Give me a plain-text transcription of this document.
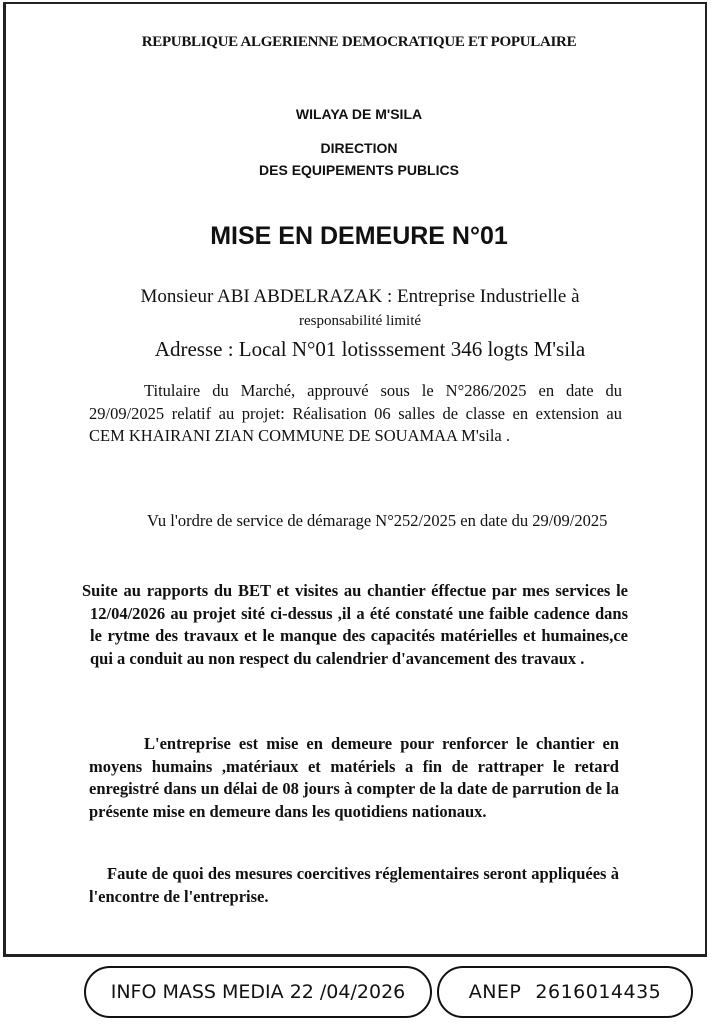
REPUBLIQUE ALGERIENNE DEMOCRATIQUE ET POPULAIRE
WILAYA DE M'SILA
DIRECTION
DES EQUIPEMENTS PUBLICS
MISE EN DEMEURE N°01
Monsieur ABI ABDELRAZAK : Entreprise Industrielle à
responsabilité limité
Adresse : Local N°01 lotisssement 346 logts M'sila

Titulaire du Marché, approuvé sous le N°286/2025 en date du 29/09/2025 relatif au projet: Réalisation 06 salles de classe en extension au CEM KHAIRANI ZIAN COMMUNE DE SOUAMAA M'sila .

Vu l'ordre de service de démarage N°252/2025 en date du 29/09/2025

Suite au rapports du BET et visites au chantier éffectue par mes services le 12/04/2026 au projet sité ci-dessus ,il a été constaté une faible cadence dans le rytme des travaux et le manque des capacités matérielles et humaines,ce qui a conduit au non respect du calendrier d'avancement des travaux .

L'entreprise est mise en demeure pour renforcer le chantier en moyens humains ,matériaux et matériels a fin de rattraper le retard enregistré dans un délai de 08 jours à compter de la date de parrution de la présente mise en demeure dans les quotidiens nationaux.

Faute de quoi des mesures coercitives réglementaires seront appliquées à l'encontre de l'entreprise.

INFO MASS MEDIA 22 /04/2026	ANEP 2616014435
